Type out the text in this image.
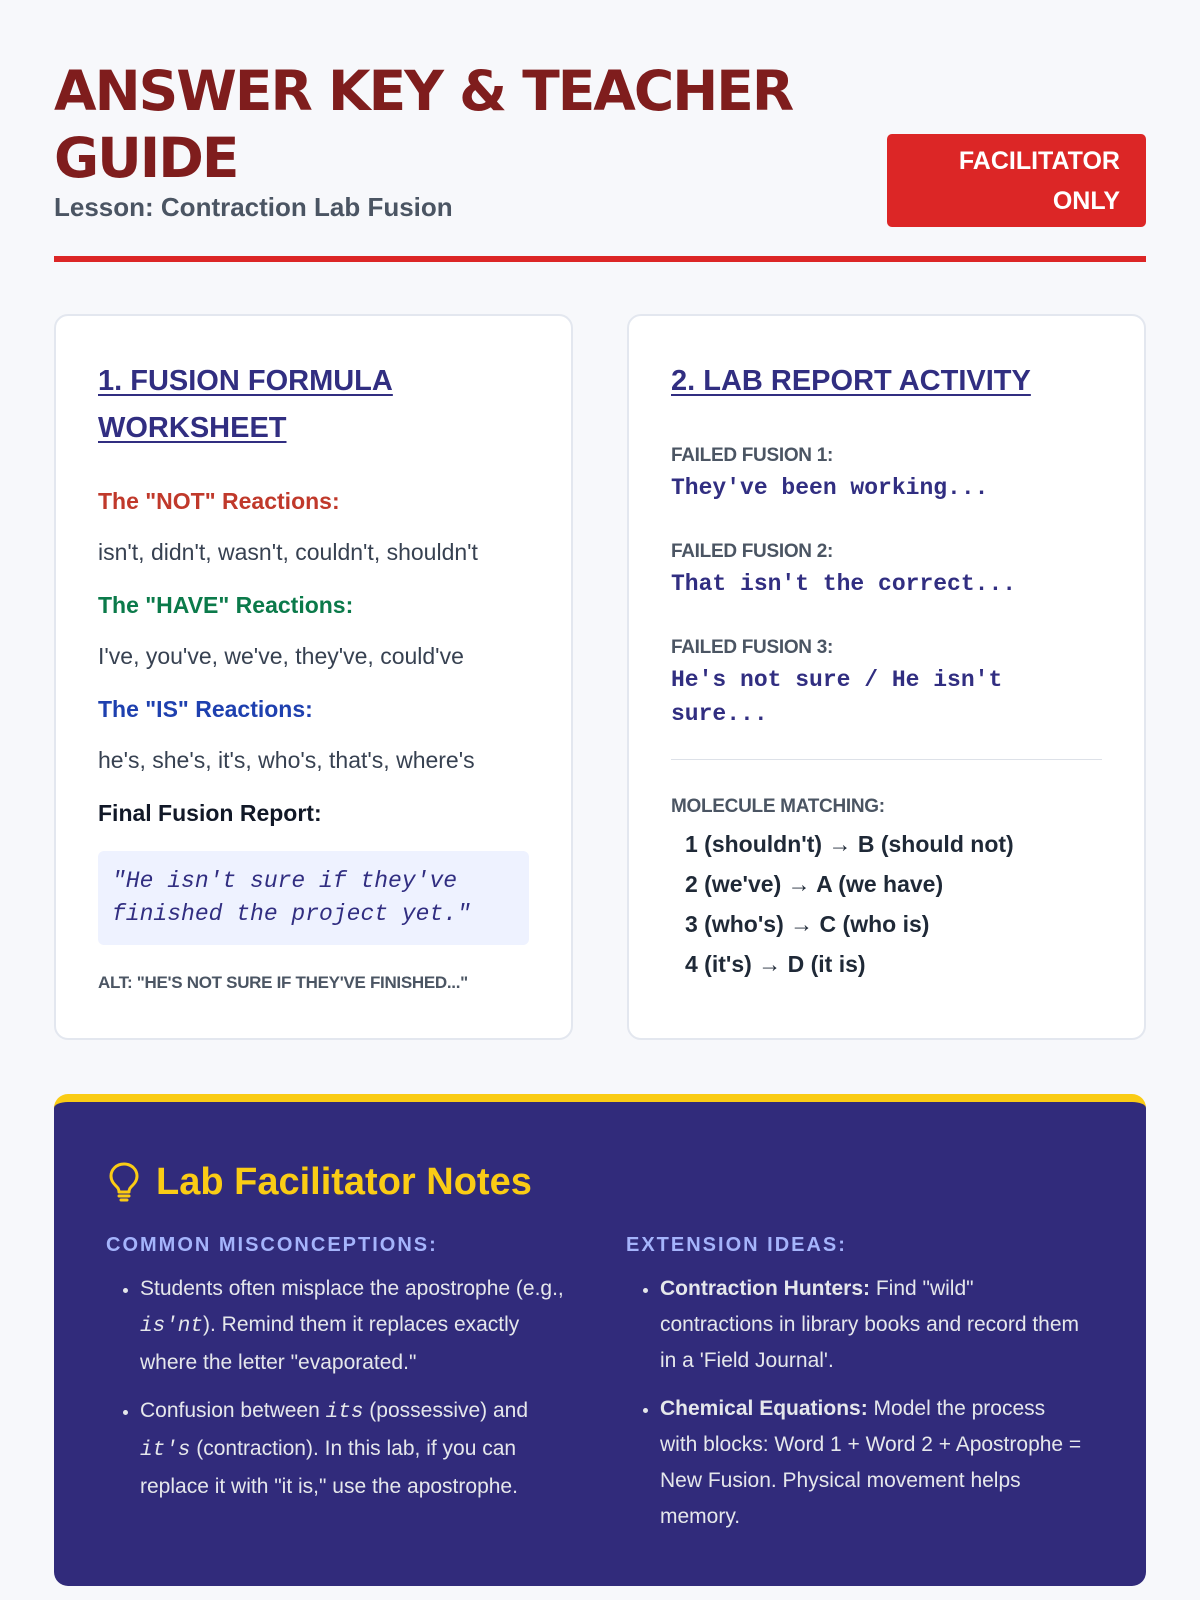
ANSWER KEY & TEACHER GUIDE
Lesson: Contraction Lab Fusion
FACILITATOR ONLY
1. FUSION FORMULA WORKSHEET
The "NOT" Reactions:
isn't, didn't, wasn't, couldn't, shouldn't
The "HAVE" Reactions:
I've, you've, we've, they've, could've
The "IS" Reactions:
he's, she's, it's, who's, that's, where's
Final Fusion Report:
"He isn't sure if they've finished the project yet."
ALT: "HE'S NOT SURE IF THEY'VE FINISHED..."
2. LAB REPORT ACTIVITY
FAILED FUSION 1:
They've been working...
FAILED FUSION 2:
That isn't the correct...
FAILED FUSION 3:
He's not sure / He isn't sure...
MOLECULE MATCHING:
1 (shouldn't) → B (should not)
2 (we've) → A (we have)
3 (who's) → C (who is)
4 (it's) → D (it is)
Lab Facilitator Notes
COMMON MISCONCEPTIONS:
• Students often misplace the apostrophe (e.g., is'nt). Remind them it replaces exactly where the letter "evaporated."
• Confusion between its (possessive) and it's (contraction). In this lab, if you can replace it with "it is," use the apostrophe.
EXTENSION IDEAS:
• Contraction Hunters: Find "wild" contractions in library books and record them in a 'Field Journal'.
• Chemical Equations: Model the process with blocks: Word 1 + Word 2 + Apostrophe = New Fusion. Physical movement helps memory.
